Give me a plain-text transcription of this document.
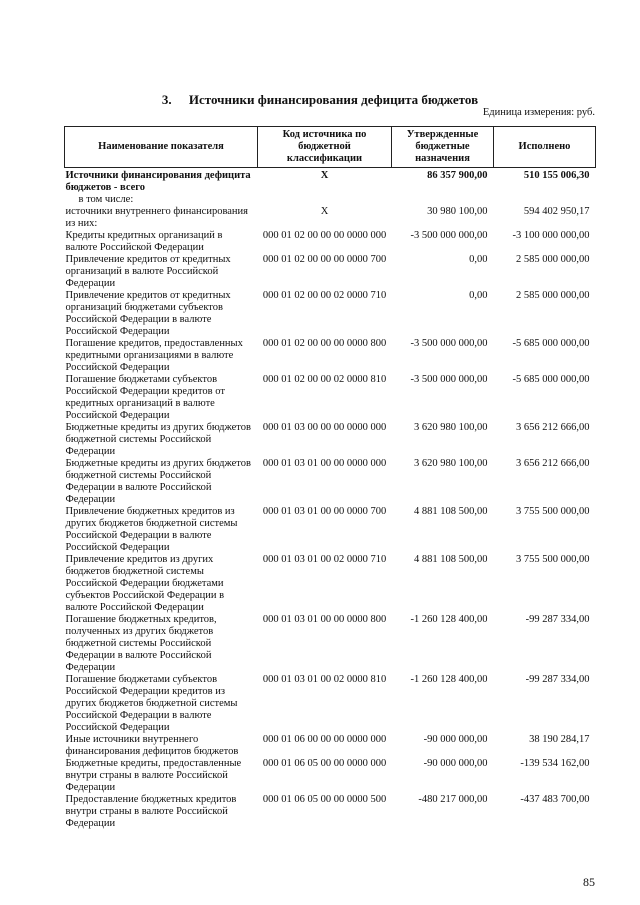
3. Источники финансирования дефицита бюджетов
Единица измерения: руб.
Наименование показателя	Код источника по бюджетной классификации	Утвержденные бюджетные назначения	Исполнено
Источники финансирования дефицита бюджетов - всего	Х	86 357 900,00	510 155 006,30
в том числе:			
источники внутреннего финансирования	Х	30 980 100,00	594 402 950,17
из них:			
Кредиты кредитных организаций в валюте Российской Федерации	000 01 02 00 00 00 0000 000	-3 500 000 000,00	-3 100 000 000,00
Привлечение кредитов от кредитных организаций в валюте Российской Федерации	000 01 02 00 00 00 0000 700	0,00	2 585 000 000,00
Привлечение кредитов от кредитных организаций бюджетами субъектов Российской Федерации в валюте Российской Федерации	000 01 02 00 00 02 0000 710	0,00	2 585 000 000,00
Погашение кредитов, предоставленных кредитными организациями в валюте Российской Федерации	000 01 02 00 00 00 0000 800	-3 500 000 000,00	-5 685 000 000,00
Погашение бюджетами субъектов Российской Федерации кредитов от кредитных организаций в валюте Российской Федерации	000 01 02 00 00 02 0000 810	-3 500 000 000,00	-5 685 000 000,00
Бюджетные кредиты из других бюджетов бюджетной системы Российской Федерации	000 01 03 00 00 00 0000 000	3 620 980 100,00	3 656 212 666,00
Бюджетные кредиты из других бюджетов бюджетной системы Российской Федерации в валюте Российской Федерации	000 01 03 01 00 00 0000 000	3 620 980 100,00	3 656 212 666,00
Привлечение бюджетных кредитов из других бюджетов бюджетной системы Российской Федерации в валюте Российской Федерации	000 01 03 01 00 00 0000 700	4 881 108 500,00	3 755 500 000,00
Привлечение кредитов из других бюджетов бюджетной системы Российской Федерации бюджетами субъектов Российской Федерации в валюте Российской Федерации	000 01 03 01 00 02 0000 710	4 881 108 500,00	3 755 500 000,00
Погашение бюджетных кредитов, полученных из других бюджетов бюджетной системы Российской Федерации в валюте Российской Федерации	000 01 03 01 00 00 0000 800	-1 260 128 400,00	-99 287 334,00
Погашение бюджетами субъектов Российской Федерации кредитов из других бюджетов бюджетной системы Российской Федерации в валюте Российской Федерации	000 01 03 01 00 02 0000 810	-1 260 128 400,00	-99 287 334,00
Иные источники внутреннего финансирования дефицитов бюджетов	000 01 06 00 00 00 0000 000	-90 000 000,00	38 190 284,17
Бюджетные кредиты, предоставленные внутри страны в валюте Российской Федерации	000 01 06 05 00 00 0000 000	-90 000 000,00	-139 534 162,00
Предоставление бюджетных кредитов внутри страны в валюте Российской Федерации	000 01 06 05 00 00 0000 500	-480 217 000,00	-437 483 700,00
85
